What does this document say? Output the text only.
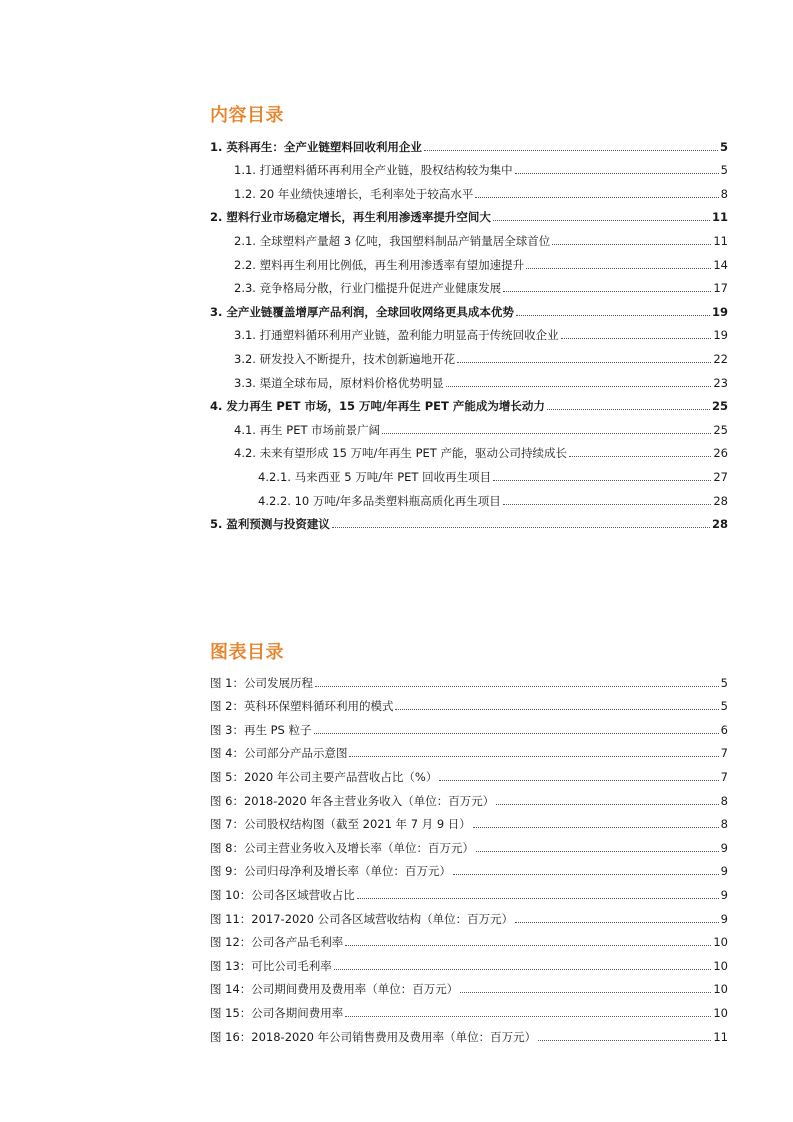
内容目录
1. 英科再生：全产业链塑料回收利用企业	5
1.1. 打通塑料循环再利用全产业链，股权结构较为集中	5
1.2. 20 年业绩快速增长，毛利率处于较高水平	8
2. 塑料行业市场稳定增长，再生利用渗透率提升空间大	11
2.1. 全球塑料产量超 3 亿吨，我国塑料制品产销量居全球首位	11
2.2. 塑料再生利用比例低，再生利用渗透率有望加速提升	14
2.3. 竞争格局分散，行业门槛提升促进产业健康发展	17
3. 全产业链覆盖增厚产品利润，全球回收网络更具成本优势	19
3.1. 打通塑料循环利用产业链，盈利能力明显高于传统回收企业	19
3.2. 研发投入不断提升，技术创新遍地开花	22
3.3. 渠道全球布局，原材料价格优势明显	23
4. 发力再生 PET 市场，15 万吨/年再生 PET 产能成为增长动力	25
4.1. 再生 PET 市场前景广阔	25
4.2. 未来有望形成 15 万吨/年再生 PET 产能，驱动公司持续成长	26
4.2.1. 马来西亚 5 万吨/年 PET 回收再生项目	27
4.2.2. 10 万吨/年多品类塑料瓶高质化再生项目	28
5. 盈利预测与投资建议	28
图表目录
图 1：公司发展历程	5
图 2：英科环保塑料循环利用的模式	5
图 3：再生 PS 粒子	6
图 4：公司部分产品示意图	7
图 5：2020 年公司主要产品营收占比（%）	7
图 6：2018-2020 年各主营业务收入（单位：百万元）	8
图 7：公司股权结构图（截至 2021 年 7 月 9 日）	8
图 8：公司主营业务收入及增长率（单位：百万元）	9
图 9：公司归母净利及增长率（单位：百万元）	9
图 10：公司各区域营收占比	9
图 11：2017-2020 公司各区域营收结构（单位：百万元）	9
图 12：公司各产品毛利率	10
图 13：可比公司毛利率	10
图 14：公司期间费用及费用率（单位：百万元）	10
图 15：公司各期间费用率	10
图 16：2018-2020 年公司销售费用及费用率（单位：百万元）	11
